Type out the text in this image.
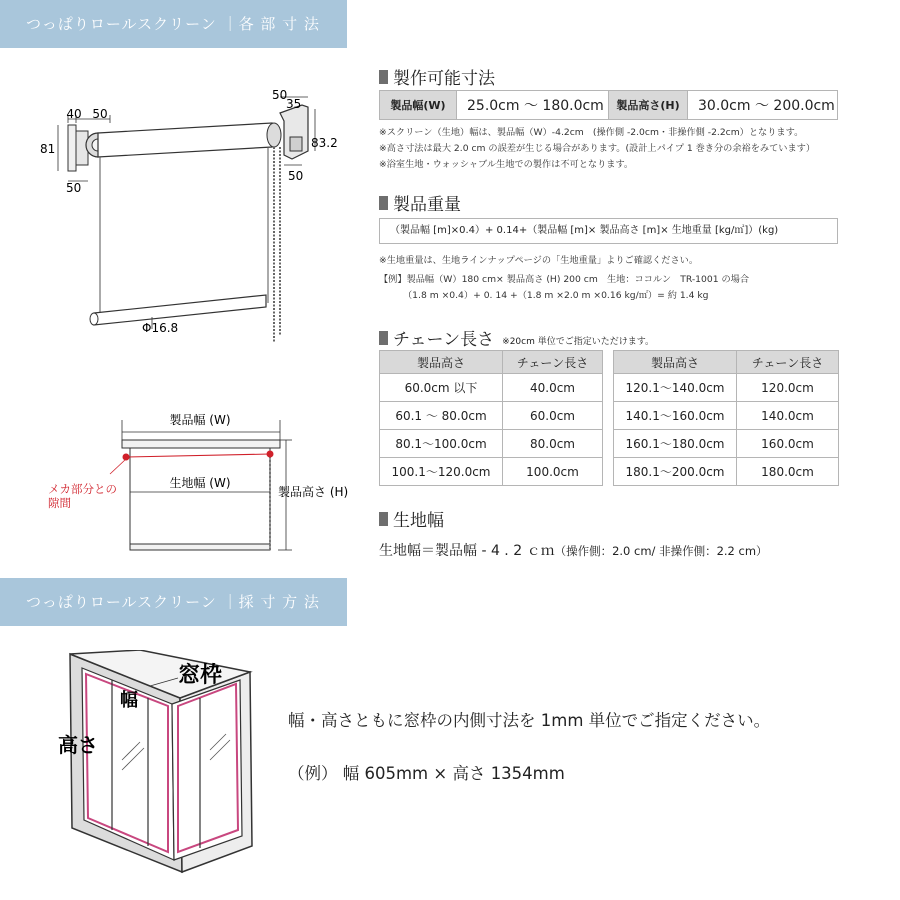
つっぱりロールスクリーン ｜各 部 寸 法
40 50
81
50
50
35
83.2
50
Φ16.8
製品幅 (W)
生地幅 (W)
製品高さ (H)
メカ部分との
隙間
製作可能寸法
製品幅(W)	25.0cm ～ 180.0cm	製品高さ(H)	30.0cm ～ 200.0cm
※スクリーン（生地）幅は、製品幅（W）-4.2cm　(操作側 -2.0cm・非操作側 -2.2cm）となります。
※高さ寸法は最大 2.0 cm の誤差が生じる場合があります。(設計上パイプ 1 巻き分の余裕をみています）
※浴室生地・ウォッシャブル生地での製作は不可となります。
製品重量
（製品幅 [m]×0.4）+ 0.14+（製品幅 [m]× 製品高さ [m]× 生地重量 [kg/㎡]）(kg)
※生地重量は、生地ラインナップページの「生地重量」よりご確認ください。
【例】製品幅（W）180 cm× 製品高さ (H) 200 cm　生地：ココルン　TR-1001 の場合
（1.8 m ×0.4）+ 0. 14 +（1.8 m ×2.0 m ×0.16 kg/㎡）= 約 1.4 kg
チェーン長さ ※20cm 単位でご指定いただけます。
製品高さ	チェーン長さ
60.0cm 以下	40.0cm
60.1 ～ 80.0cm	60.0cm
80.1～100.0cm	80.0cm
100.1～120.0cm	100.0cm
製品高さ	チェーン長さ
120.1～140.0cm	120.0cm
140.1～160.0cm	140.0cm
160.1～180.0cm	160.0cm
180.1～200.0cm	180.0cm
生地幅
生地幅＝製品幅 - 4 . 2 ｃｍ（操作側：2.0 cm/ 非操作側：2.2 cm）
つっぱりロールスクリーン ｜採 寸 方 法
窓枠
幅
高さ
幅・高さともに窓枠の内側寸法を 1mm 単位でご指定ください。
（例） 幅 605mm × 高さ 1354mm
